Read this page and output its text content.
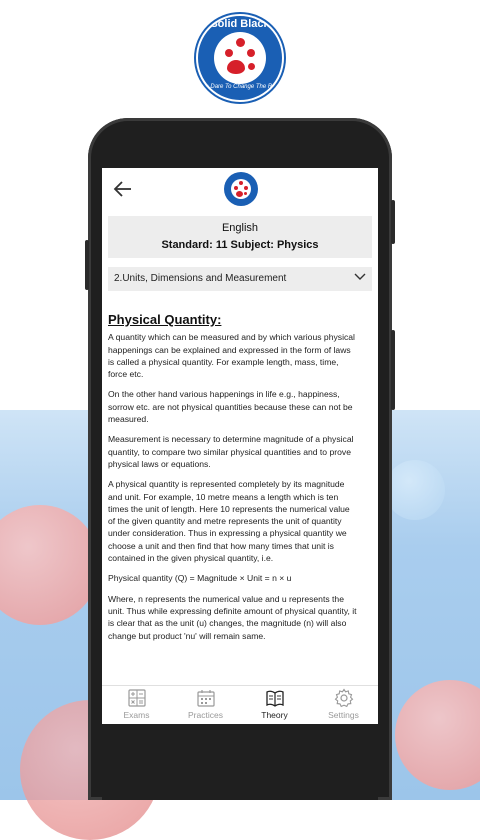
Solid Black
We Dare To Change The Rule
English
Standard: 11 Subject: Physics
2.Units, Dimensions and Measurement
Physical Quantity:

A quantity which can be measured and by which various physical happenings can be explained and expressed in the form of laws is called a physical quantity. For example length, mass, time, force etc.

On the other hand various happenings in life e.g., happiness, sorrow etc. are not physical quantities because these can not be measured.

Measurement is necessary to determine magnitude of a physical quantity, to compare two similar physical quantities and to prove physical laws or equations.

A physical quantity is represented completely by its magnitude and unit. For example, 10 metre means a length which is ten times the unit of length. Here 10 represents the numerical value of the given quantity and metre represents the unit of quantity under consideration. Thus in expressing a physical quantity we choose a unit and then find that how many times that unit is contained in the given physical quantity, i.e.

Physical quantity (Q) = Magnitude × Unit = n × u

Where, n represents the numerical value and u represents the unit. Thus while expressing definite amount of physical quantity, it is clear that as the unit (u) changes, the magnitude (n) will also change but product 'nu' will remain same.

Exams	Practices	Theory	Settings
